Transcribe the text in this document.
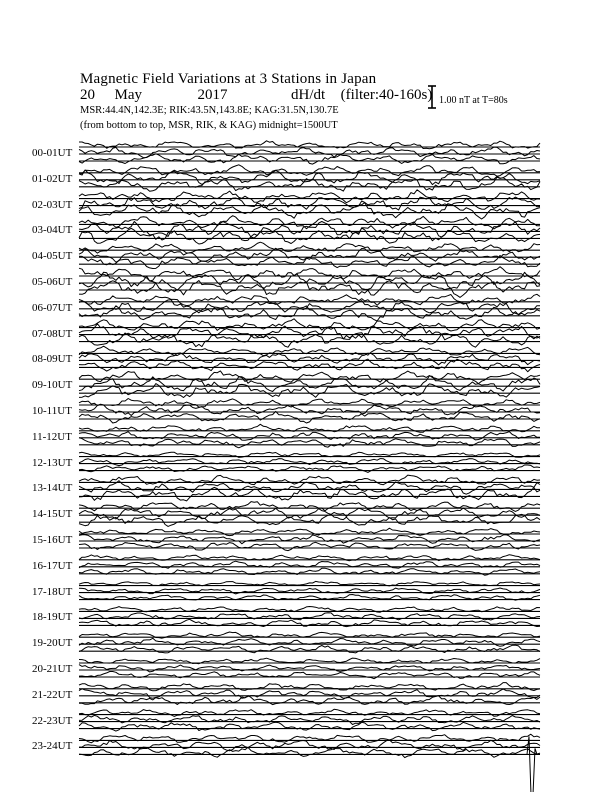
Magnetic Field Variations at 3 Stations in Japan
20 May	2017	dH/dt (filter:40-160s)
MSR:44.4N,142.3E; RIK:43.5N,143.8E; KAG:31.5N,130.7E
(from bottom to top, MSR, RIK, & KAG) midnight=1500UT
1.00 nT at T=80s
00-01UT
01-02UT
02-03UT
03-04UT
04-05UT
05-06UT
06-07UT
07-08UT
08-09UT
09-10UT
10-11UT
11-12UT
12-13UT
13-14UT
14-15UT
15-16UT
16-17UT
17-18UT
18-19UT
19-20UT
20-21UT
21-22UT
22-23UT
23-24UT
